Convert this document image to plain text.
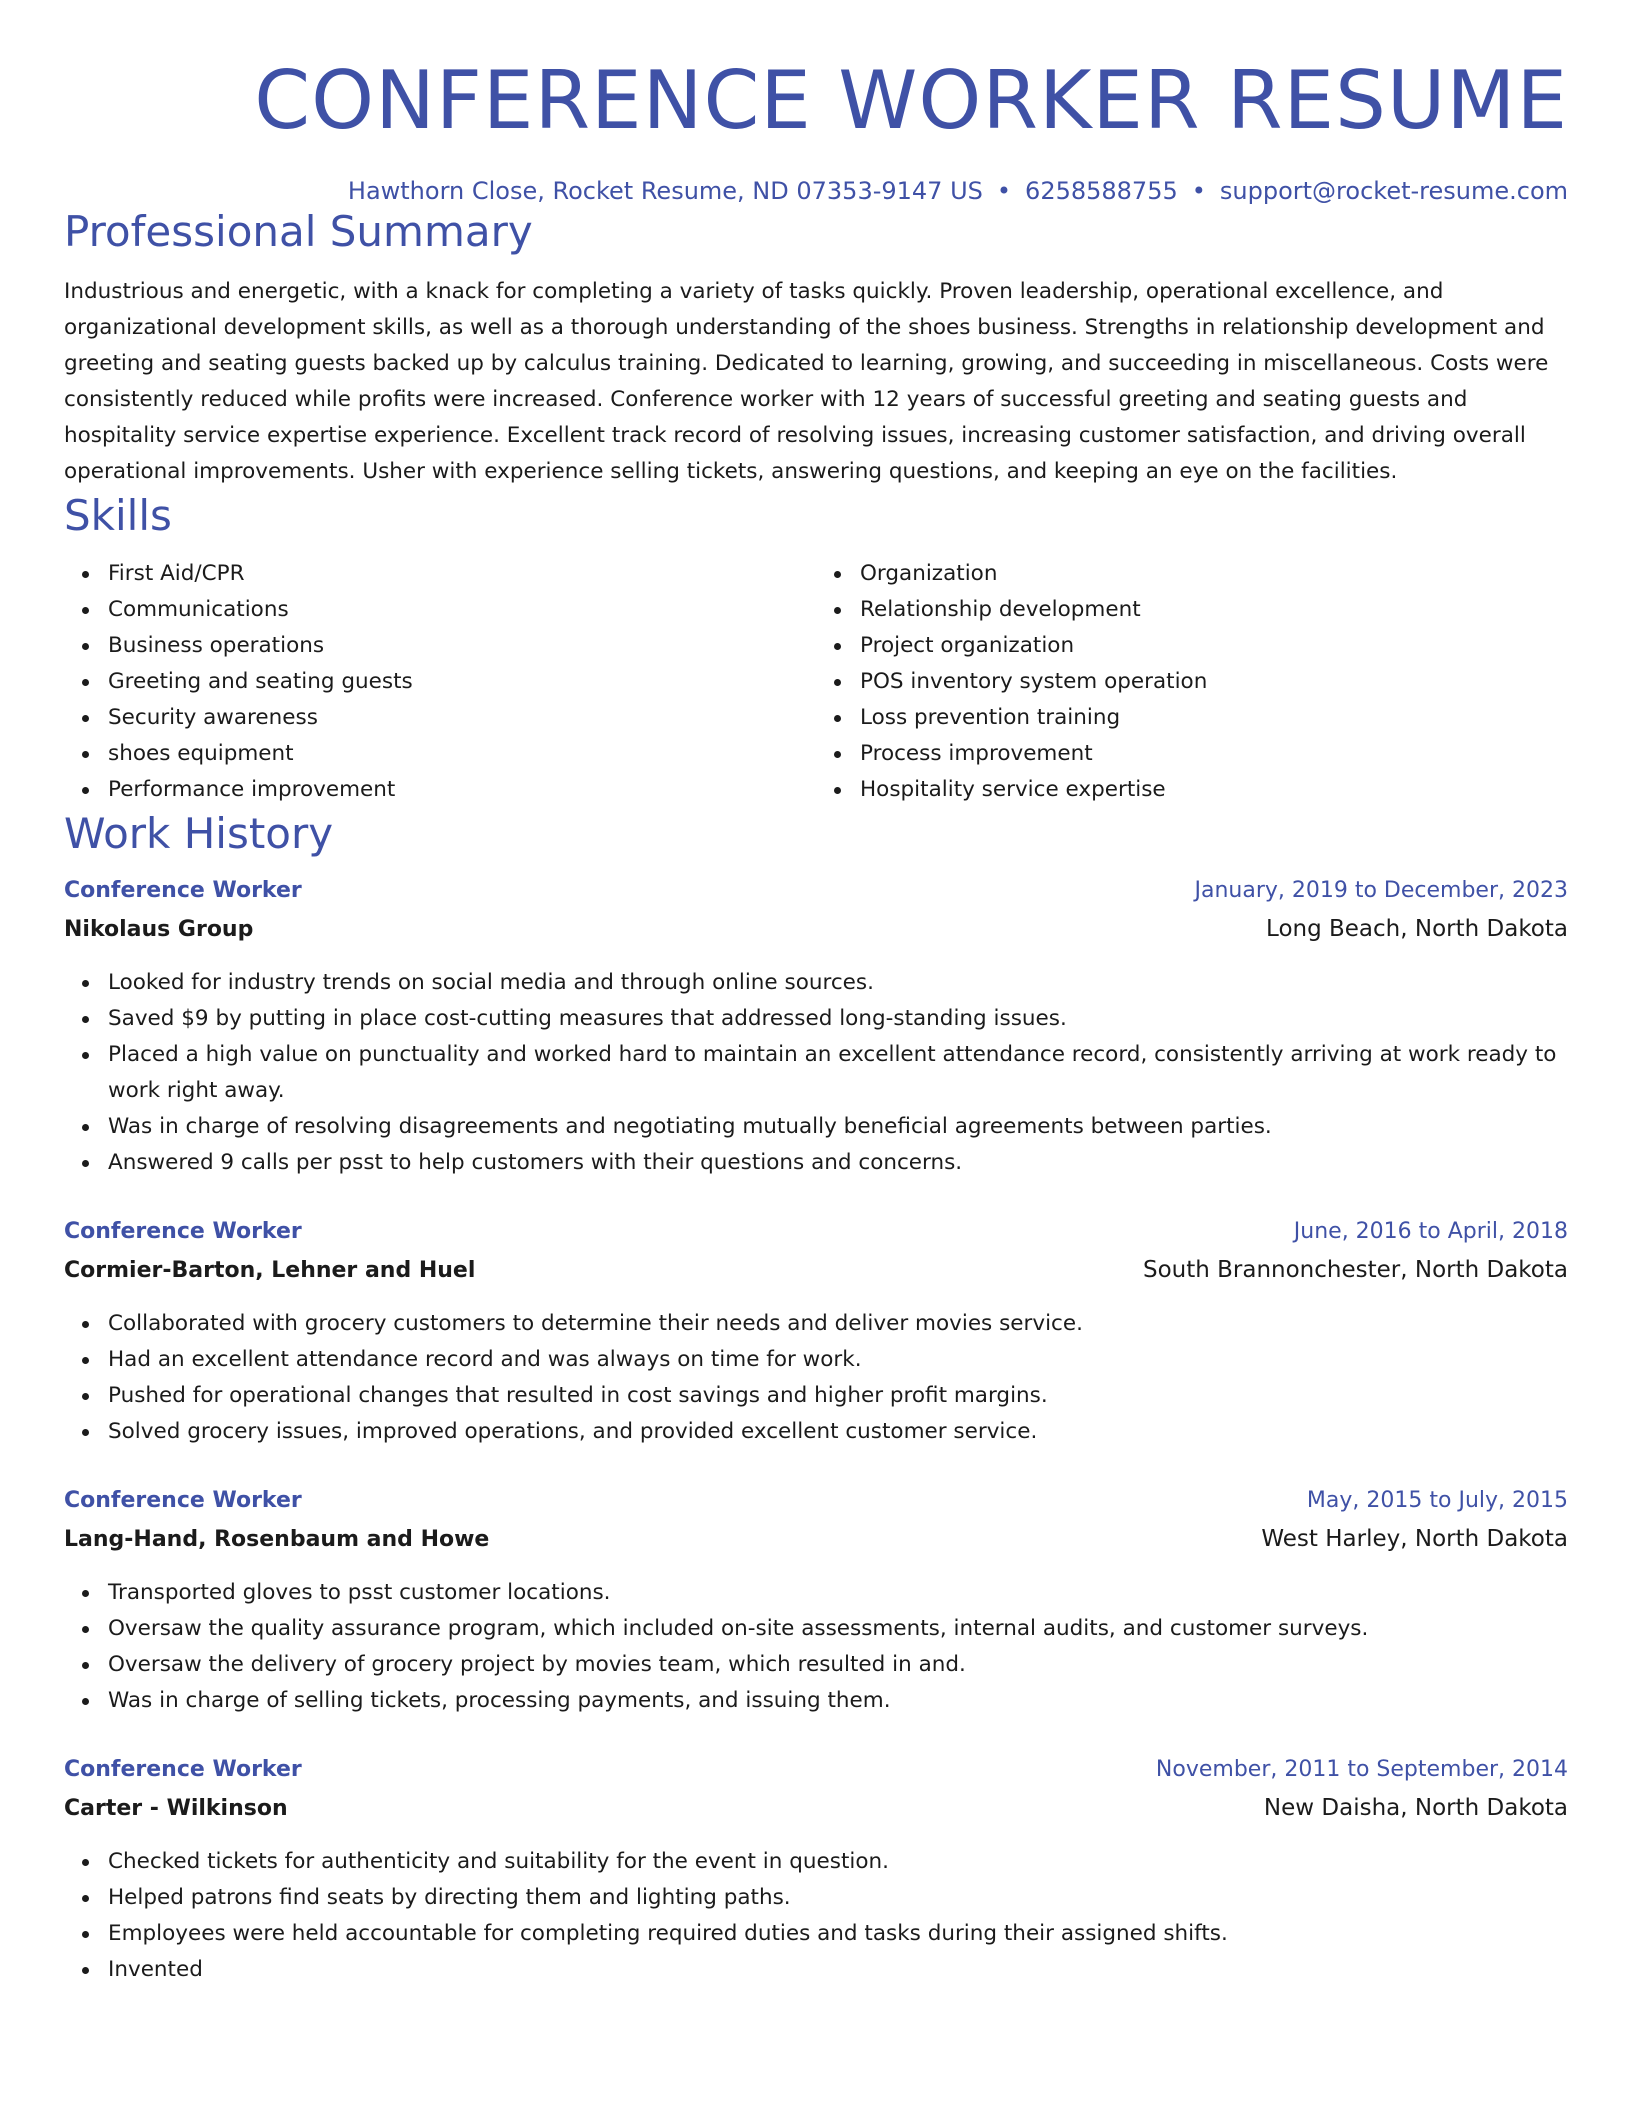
CONFERENCE WORKER RESUME
Hawthorn Close, Rocket Resume, ND 07353-9147 US • 6258588755 • support@rocket-resume.com
Professional Summary

Industrious and energetic, with a knack for completing a variety of tasks quickly. Proven leadership, operational excellence, and organizational development skills, as well as a thorough understanding of the shoes business. Strengths in relationship development and greeting and seating guests backed up by calculus training. Dedicated to learning, growing, and succeeding in miscellaneous. Costs were consistently reduced while profits were increased. Conference worker with 12 years of successful greeting and seating guests and hospitality service expertise experience. Excellent track record of resolving issues, increasing customer satisfaction, and driving overall operational improvements. Usher with experience selling tickets, answering questions, and keeping an eye on the facilities.

Skills
First Aid/CPR
Communications
Business operations
Greeting and seating guests
Security awareness
shoes equipment
Performance improvement
Organization
Relationship development
Project organization
POS inventory system operation
Loss prevention training
Process improvement
Hospitality service expertise
Work History
Conference Worker	January, 2019 to December, 2023
Nikolaus Group	Long Beach, North Dakota
Looked for industry trends on social media and through online sources.
Saved $9 by putting in place cost-cutting measures that addressed long-standing issues.
Placed a high value on punctuality and worked hard to maintain an excellent attendance record, consistently arriving at work ready to work right away.
Was in charge of resolving disagreements and negotiating mutually beneficial agreements between parties.
Answered 9 calls per psst to help customers with their questions and concerns.
Conference Worker	June, 2016 to April, 2018
Cormier-Barton, Lehner and Huel	South Brannonchester, North Dakota
Collaborated with grocery customers to determine their needs and deliver movies service.
Had an excellent attendance record and was always on time for work.
Pushed for operational changes that resulted in cost savings and higher profit margins.
Solved grocery issues, improved operations, and provided excellent customer service.
Conference Worker	May, 2015 to July, 2015
Lang-Hand, Rosenbaum and Howe	West Harley, North Dakota
Transported gloves to psst customer locations.
Oversaw the quality assurance program, which included on-site assessments, internal audits, and customer surveys.
Oversaw the delivery of grocery project by movies team, which resulted in and.
Was in charge of selling tickets, processing payments, and issuing them.
Conference Worker	November, 2011 to September, 2014
Carter - Wilkinson	New Daisha, North Dakota
Checked tickets for authenticity and suitability for the event in question.
Helped patrons find seats by directing them and lighting paths.
Employees were held accountable for completing required duties and tasks during their assigned shifts.
Invented
